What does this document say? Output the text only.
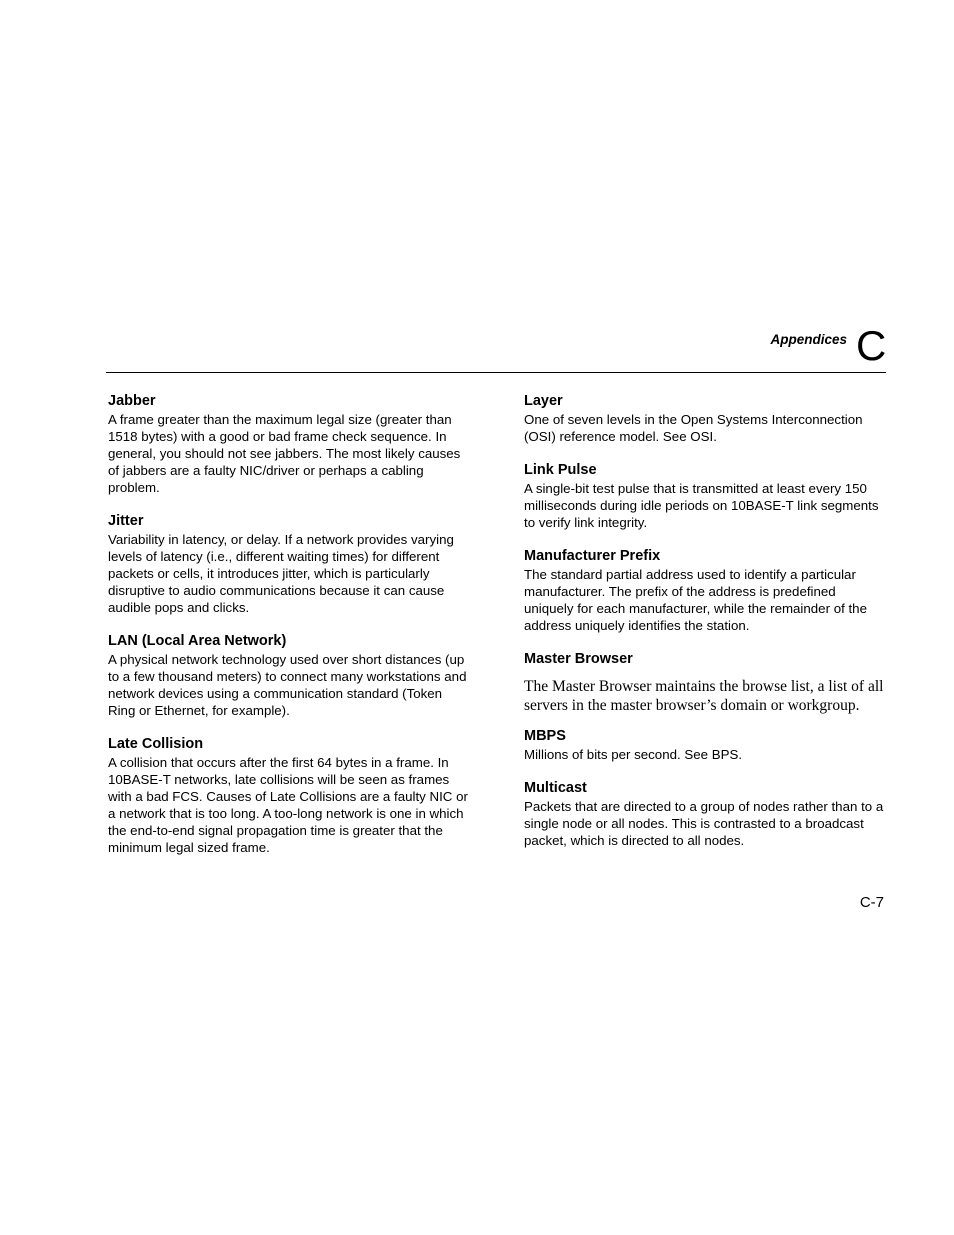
Appendices C
Jabber

A frame greater than the maximum legal size (greater than 1518 bytes) with a good or bad frame check sequence. In general, you should not see jabbers. The most likely causes of jabbers are a faulty NIC/driver or perhaps a cabling problem.

Jitter

Variability in latency, or delay. If a network provides varying levels of latency (i.e., different waiting times) for different packets or cells, it introduces jitter, which is particularly disruptive to audio communications because it can cause audible pops and clicks.

LAN (Local Area Network)

A physical network technology used over short distances (up to a few thousand meters) to connect many workstations and network devices using a communication standard (Token Ring or Ethernet, for example).

Late Collision

A collision that occurs after the first 64 bytes in a frame. In 10BASE-T networks, late collisions will be seen as frames with a bad FCS. Causes of Late Collisions are a faulty NIC or a network that is too long. A too-long network is one in which the end-to-end signal propagation time is greater that the minimum legal sized frame.

Layer

One of seven levels in the Open Systems Interconnection (OSI) reference model. See OSI.

Link Pulse

A single-bit test pulse that is transmitted at least every 150 milliseconds during idle periods on 10BASE-T link segments to verify link integrity.

Manufacturer Prefix

The standard partial address used to identify a particular manufacturer. The prefix of the address is predefined uniquely for each manufacturer, while the remainder of the address uniquely identifies the station.

Master Browser

The Master Browser maintains the browse list, a list of all servers in the master browser’s domain or workgroup.

MBPS

Millions of bits per second. See BPS.

Multicast

Packets that are directed to a group of nodes rather than to a single node or all nodes. This is contrasted to a broadcast packet, which is directed to all nodes.

C-7
